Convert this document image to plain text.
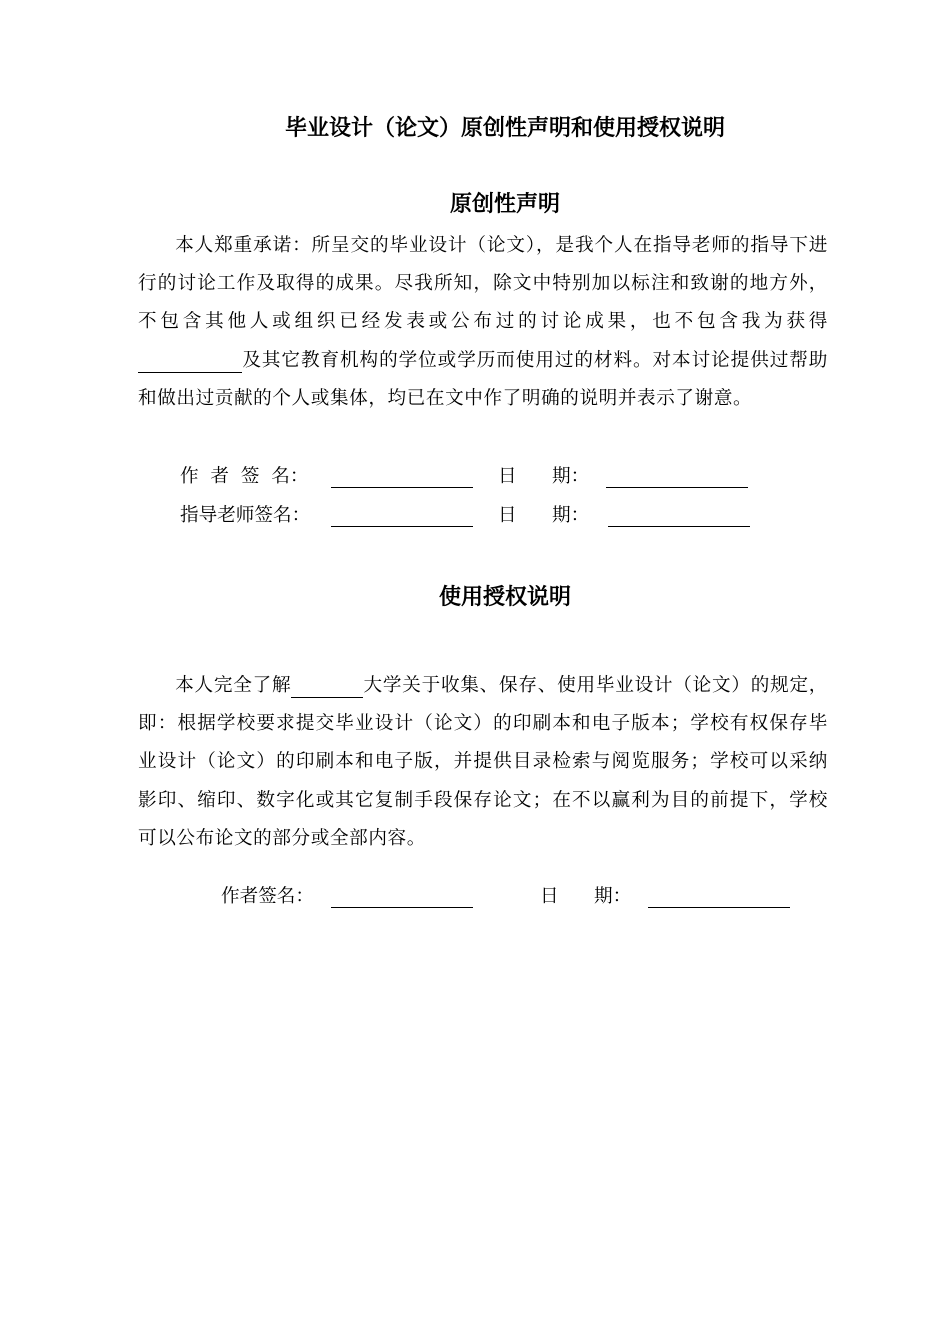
毕业设计（论文）原创性声明和使用授权说明
原创性声明

本人郑重承诺：所呈交的毕业设计（论文），是我个人在指导老师的指导下进行的讨论工作及取得的成果。尽我所知，除文中特别加以标注和致谢的地方外，不包含其他人或组织已经发表或公布过的讨论成果，也不包含我为获得及其它教育机构的学位或学历而使用过的材料。对本讨论提供过帮助和做出过贡献的个人或集体，均已在文中作了明确的说明并表示了谢意。

作  者  签  名：	日      期：
指导老师签名：	日      期：
使用授权说明

本人完全了解	大学关于收集、保存、使用毕业设计（论文）的规定，即：根据学校要求提交毕业设计（论文）的印刷本和电子版本；学校有权保存毕业设计（论文）的印刷本和电子版，并提供目录检索与阅览服务；学校可以采纳影印、缩印、数字化或其它复制手段保存论文；在不以赢利为目的前提下，学校可以公布论文的部分或全部内容。

作者签名：	日      期：
